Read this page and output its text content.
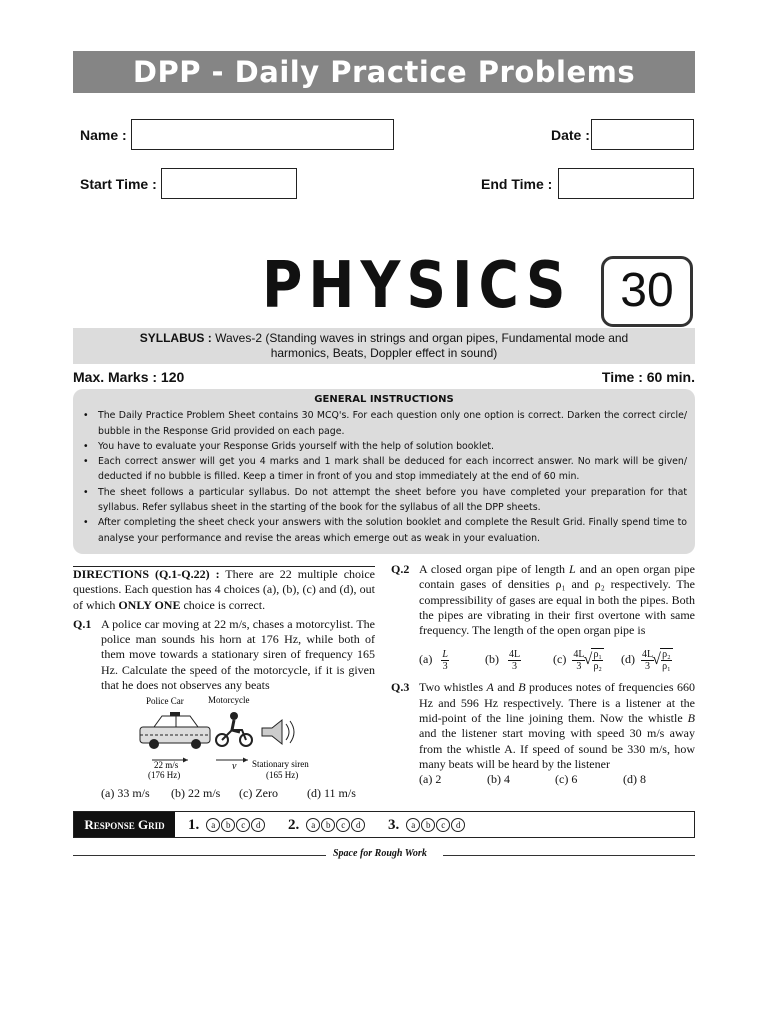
DPP - Daily Practice Problems
Name :	Date :
Start Time :	End Time :
PHYSICS	30
SYLLABUS : Waves-2 (Standing waves in strings and organ pipes, Fundamental mode and
harmonics, Beats, Doppler effect in sound)
Max. Marks : 120	Time : 60 min.
GENERAL INSTRUCTIONS
• The Daily Practice Problem Sheet contains 30 MCQ's. For each question only one option is correct. Darken the correct circle/ bubble in the Response Grid provided on each page.
• You have to evaluate your Response Grids yourself with the help of solution booklet.
• Each correct answer will get you 4 marks and 1 mark shall be deduced for each incorrect answer. No mark will be given/ deducted if no bubble is filled. Keep a timer in front of you and stop immediately at the end of 60 min.
• The sheet follows a particular syllabus. Do not attempt the sheet before you have completed your preparation for that syllabus. Refer syllabus sheet in the starting of the book for the syllabus of all the DPP sheets.
• After completing the sheet check your answers with the solution booklet and complete the Result Grid. Finally spend time to analyse your performance and revise the areas which emerge out as weak in your evaluation.
DIRECTIONS (Q.1-Q.22) : There are 22 multiple choice questions. Each question has 4 choices (a), (b), (c) and (d), out of which ONLY ONE choice is correct.
Q.1 A police car moving at 22 m/s, chases a motorcylist. The police man sounds his horn at 176 Hz, while both of them move towards a stationary siren of frequency 165 Hz. Calculate the speed of the motorcycle, if it is given that he does not observes any beats
Police Car	Motorcycle
22 m/s
(176 Hz)
v Stationary siren
(165 Hz)
(a) 33 m/s	(b) 22 m/s	(c) Zero	(d) 11 m/s
Q.2 A closed organ pipe of length L and an open organ pipe contain gases of densities ρ₁ and ρ₂ respectively. The compressibility of gases are equal in both the pipes. Both the pipes are vibrating in their first overtone with same frequency. The length of the open organ pipe is
$(a) \frac{L}{3}$	$(b) \frac{4L}{3}$	$(c) \frac{4L}{3}$ √ $\frac{\text{ρ₁}}{\text{ρ₂}} (d) \frac{4L}{3}$ √ $\frac{\text{ρ₂}}{\text{ρ₁}}$
Q.3 Two whistles A and B produces notes of frequencies 660 Hz and 596 Hz respectively. There is a listener at the mid-point of the line joining them. Now the whistle B and the listener start moving with speed 30 m/s away from the whistle A. If speed of sound be 330 m/s, how many beats will be heard by the listener
(a) 2	(b) 4	(c) 6	(d) 8
Response Grid	1.	a	b	c	d	2.	a	b	c	d	3.	a	b	c	d
Space for Rough Work
